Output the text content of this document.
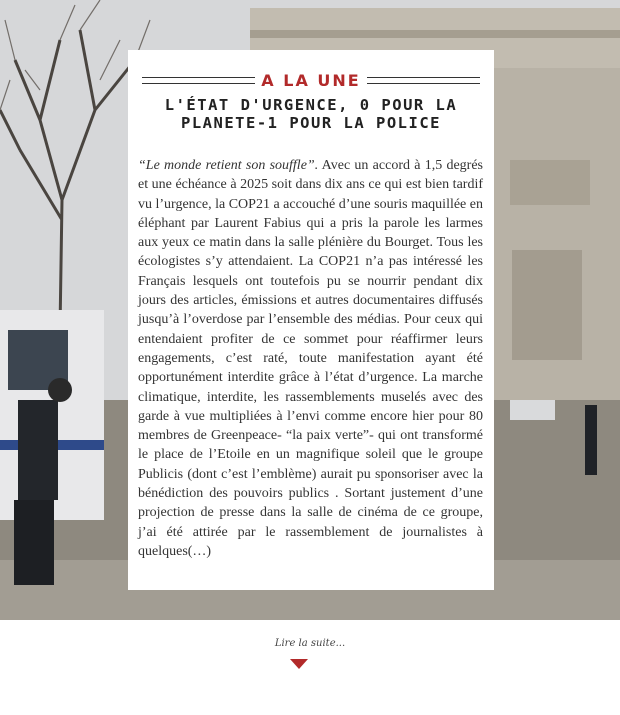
A LA UNE
L'ÉTAT D'URGENCE, 0 POUR LA
PLANETE-1 POUR LA POLICE
“Le monde retient son souffle”. Avec un accord à 1,5 degrés et une échéance à 2025 soit dans dix ans ce qui est bien tardif vu l’urgence, la COP21 a accouché d’une souris maquillée en éléphant par Laurent Fabius qui a pris la parole les larmes aux yeux ce matin dans la salle plénière du Bourget. Tous les écologistes s’y attendaient. La COP21 n’a pas intéressé les Français lesquels ont toutefois pu se nourrir pendant dix jours des articles, émissions et autres documentaires diffusés jusqu’à l’overdose par l’ensemble des médias. Pour ceux qui entendaient profiter de ce sommet pour réaffirmer leurs engagements, c’est raté, toute manifestation ayant été opportunément interdite grâce à l’état d’urgence. La marche climatique, interdite, les rassemblements muselés avec des garde à vue multipliées à l’envi comme encore hier pour 80 membres de Greenpeace- “la paix verte”- qui ont transformé le place de l’Etoile en un magnifique soleil que le groupe Publicis (dont c’est l’emblème) aurait pu sponsoriser avec la bénédiction des pouvoirs publics . Sortant justement d’une projection de presse dans la salle de cinéma de ce groupe, j’ai été attirée par le rassemblement de journalistes à quelques(…)
Lire la suite...
